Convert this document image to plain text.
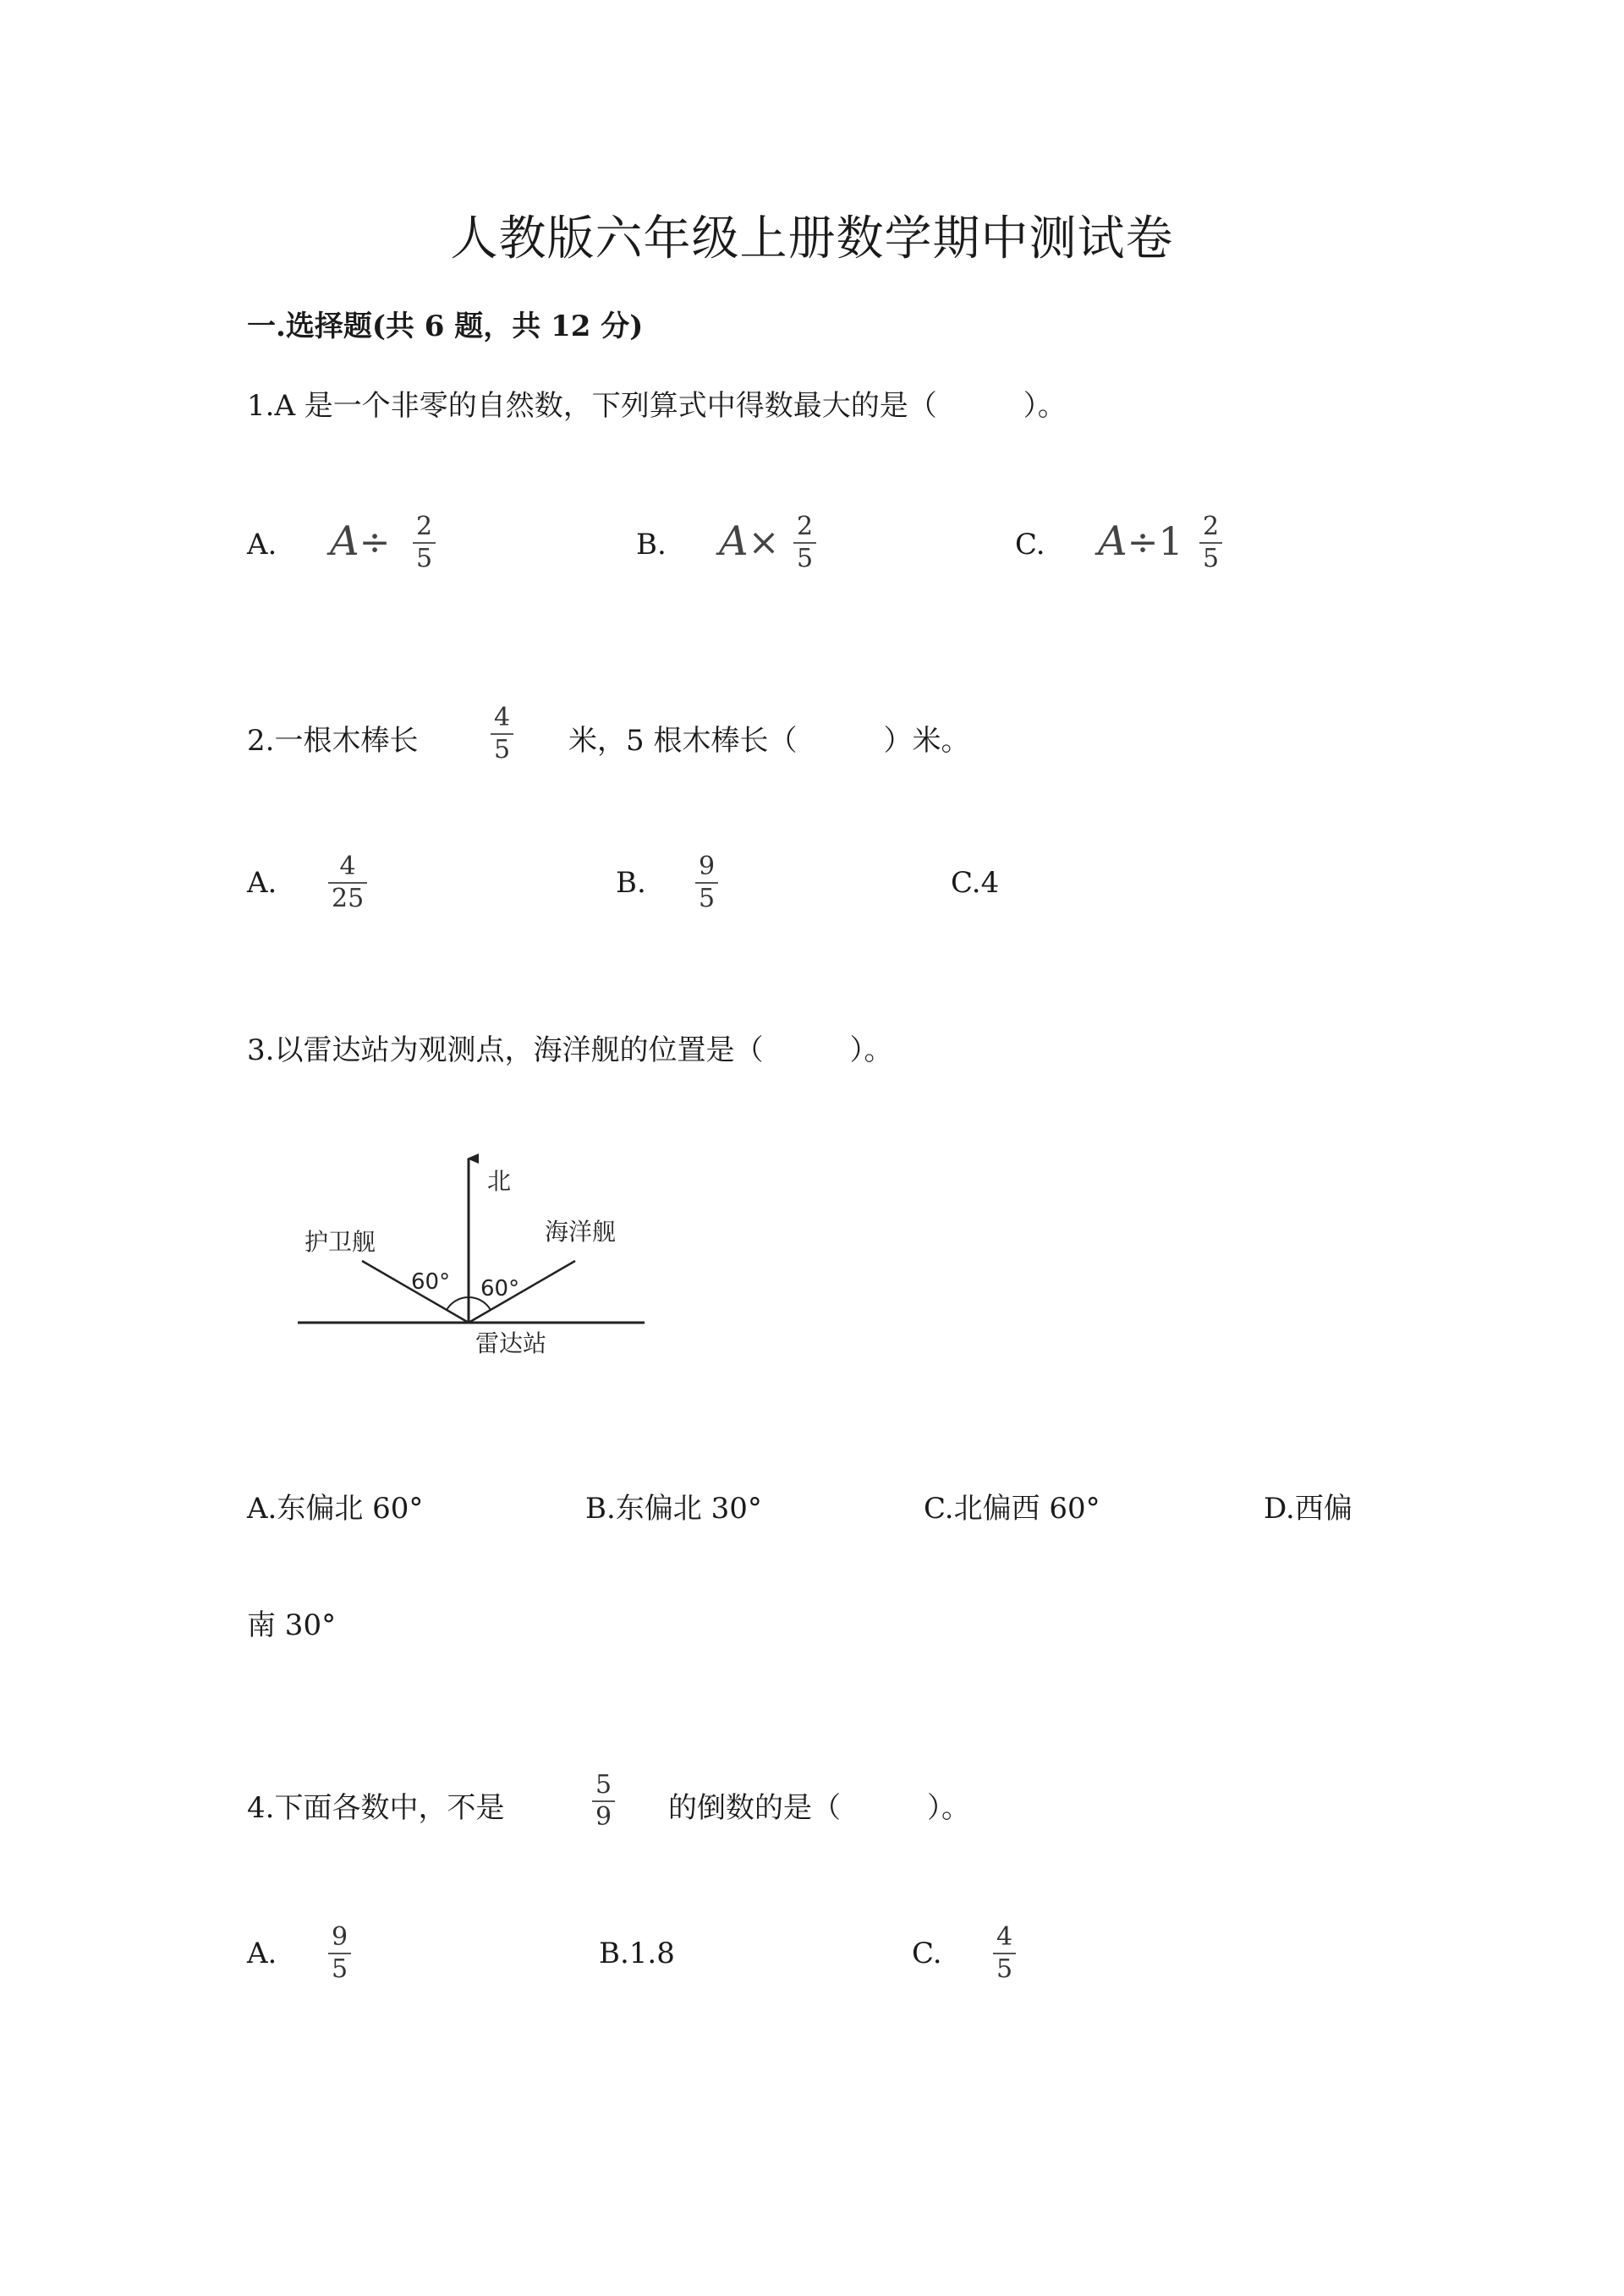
人教版六年级上册数学期中测试卷
一.选择题(共 6 题，共 12 分)
1.A 是一个非零的自然数，下列算式中得数最大的是（　　　）。
A. $A\div \frac{2}{5}$	B. $A\times \frac{2}{5}$	C. $A\div 1 \frac{2}{5}$
2.一根木棒长	$\frac{4}{5}$ 米，5 根木棒长（　　　）米。
A. $\frac{4}{25}$	B. $\frac{9}{5}$	C.4
3.以雷达站为观测点，海洋舰的位置是（　　　）。
北
护卫舰	海洋舰
60° 60°
雷达站
A.东偏北 60°	B.东偏北 30°	C.北偏西 60°	D.西偏
南 30°
4.下面各数中，不是	$\frac{5}{9}$ 的倒数的是（　　　）。
A. $\frac{9}{5}$	B.1.8	C. $\frac{4}{5}$
